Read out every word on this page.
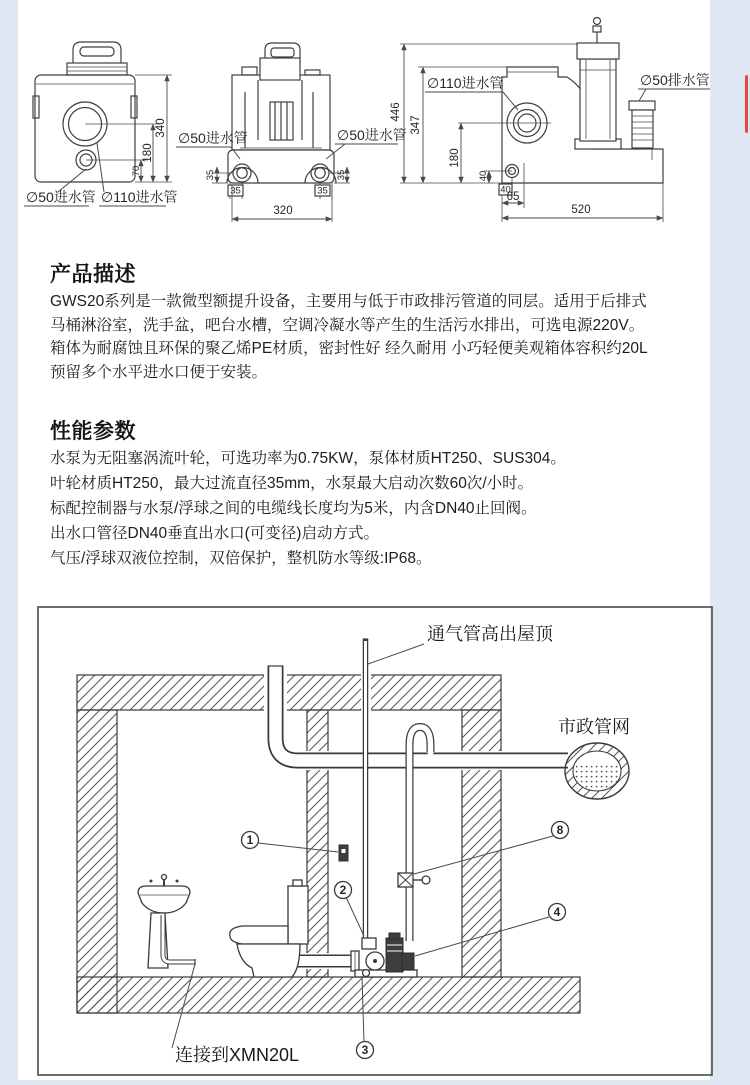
340
180
70
∅50进水管 ∅110进水管
35	35
35	35
320
∅50进水管	∅50进水管
446
347
180
40
40
65
520
∅110进水管	∅50排水管
产品描述
GWS20系列是一款微型额提升设备，主要用与低于市政排污管道的同层。适用于后排式
马桶淋浴室，洗手盆，吧台水槽，空调冷凝水等产生的生活污水排出，可选电源220V。
箱体为耐腐蚀且环保的聚乙烯PE材质，密封性好 经久耐用 小巧轻便美观箱体容积约20L
预留多个水平进水口便于安装。
性能参数
水泵为无阻塞涡流叶轮，可选功率为0.75KW，泵体材质HT250、SUS304。
叶轮材质HT250，最大过流直径35mm，水泵最大启动次数60次/小时。
标配控制器与水泵/浮球之间的电缆线长度均为5米，内含DN40止回阀。
出水口管径DN40垂直出水口(可变径)启动方式。
气压/浮球双液位控制，双倍保护，整机防水等级:IP68。
1
2
3
4
8
通气管高出屋顶
市政管网
连接到XMN20L
